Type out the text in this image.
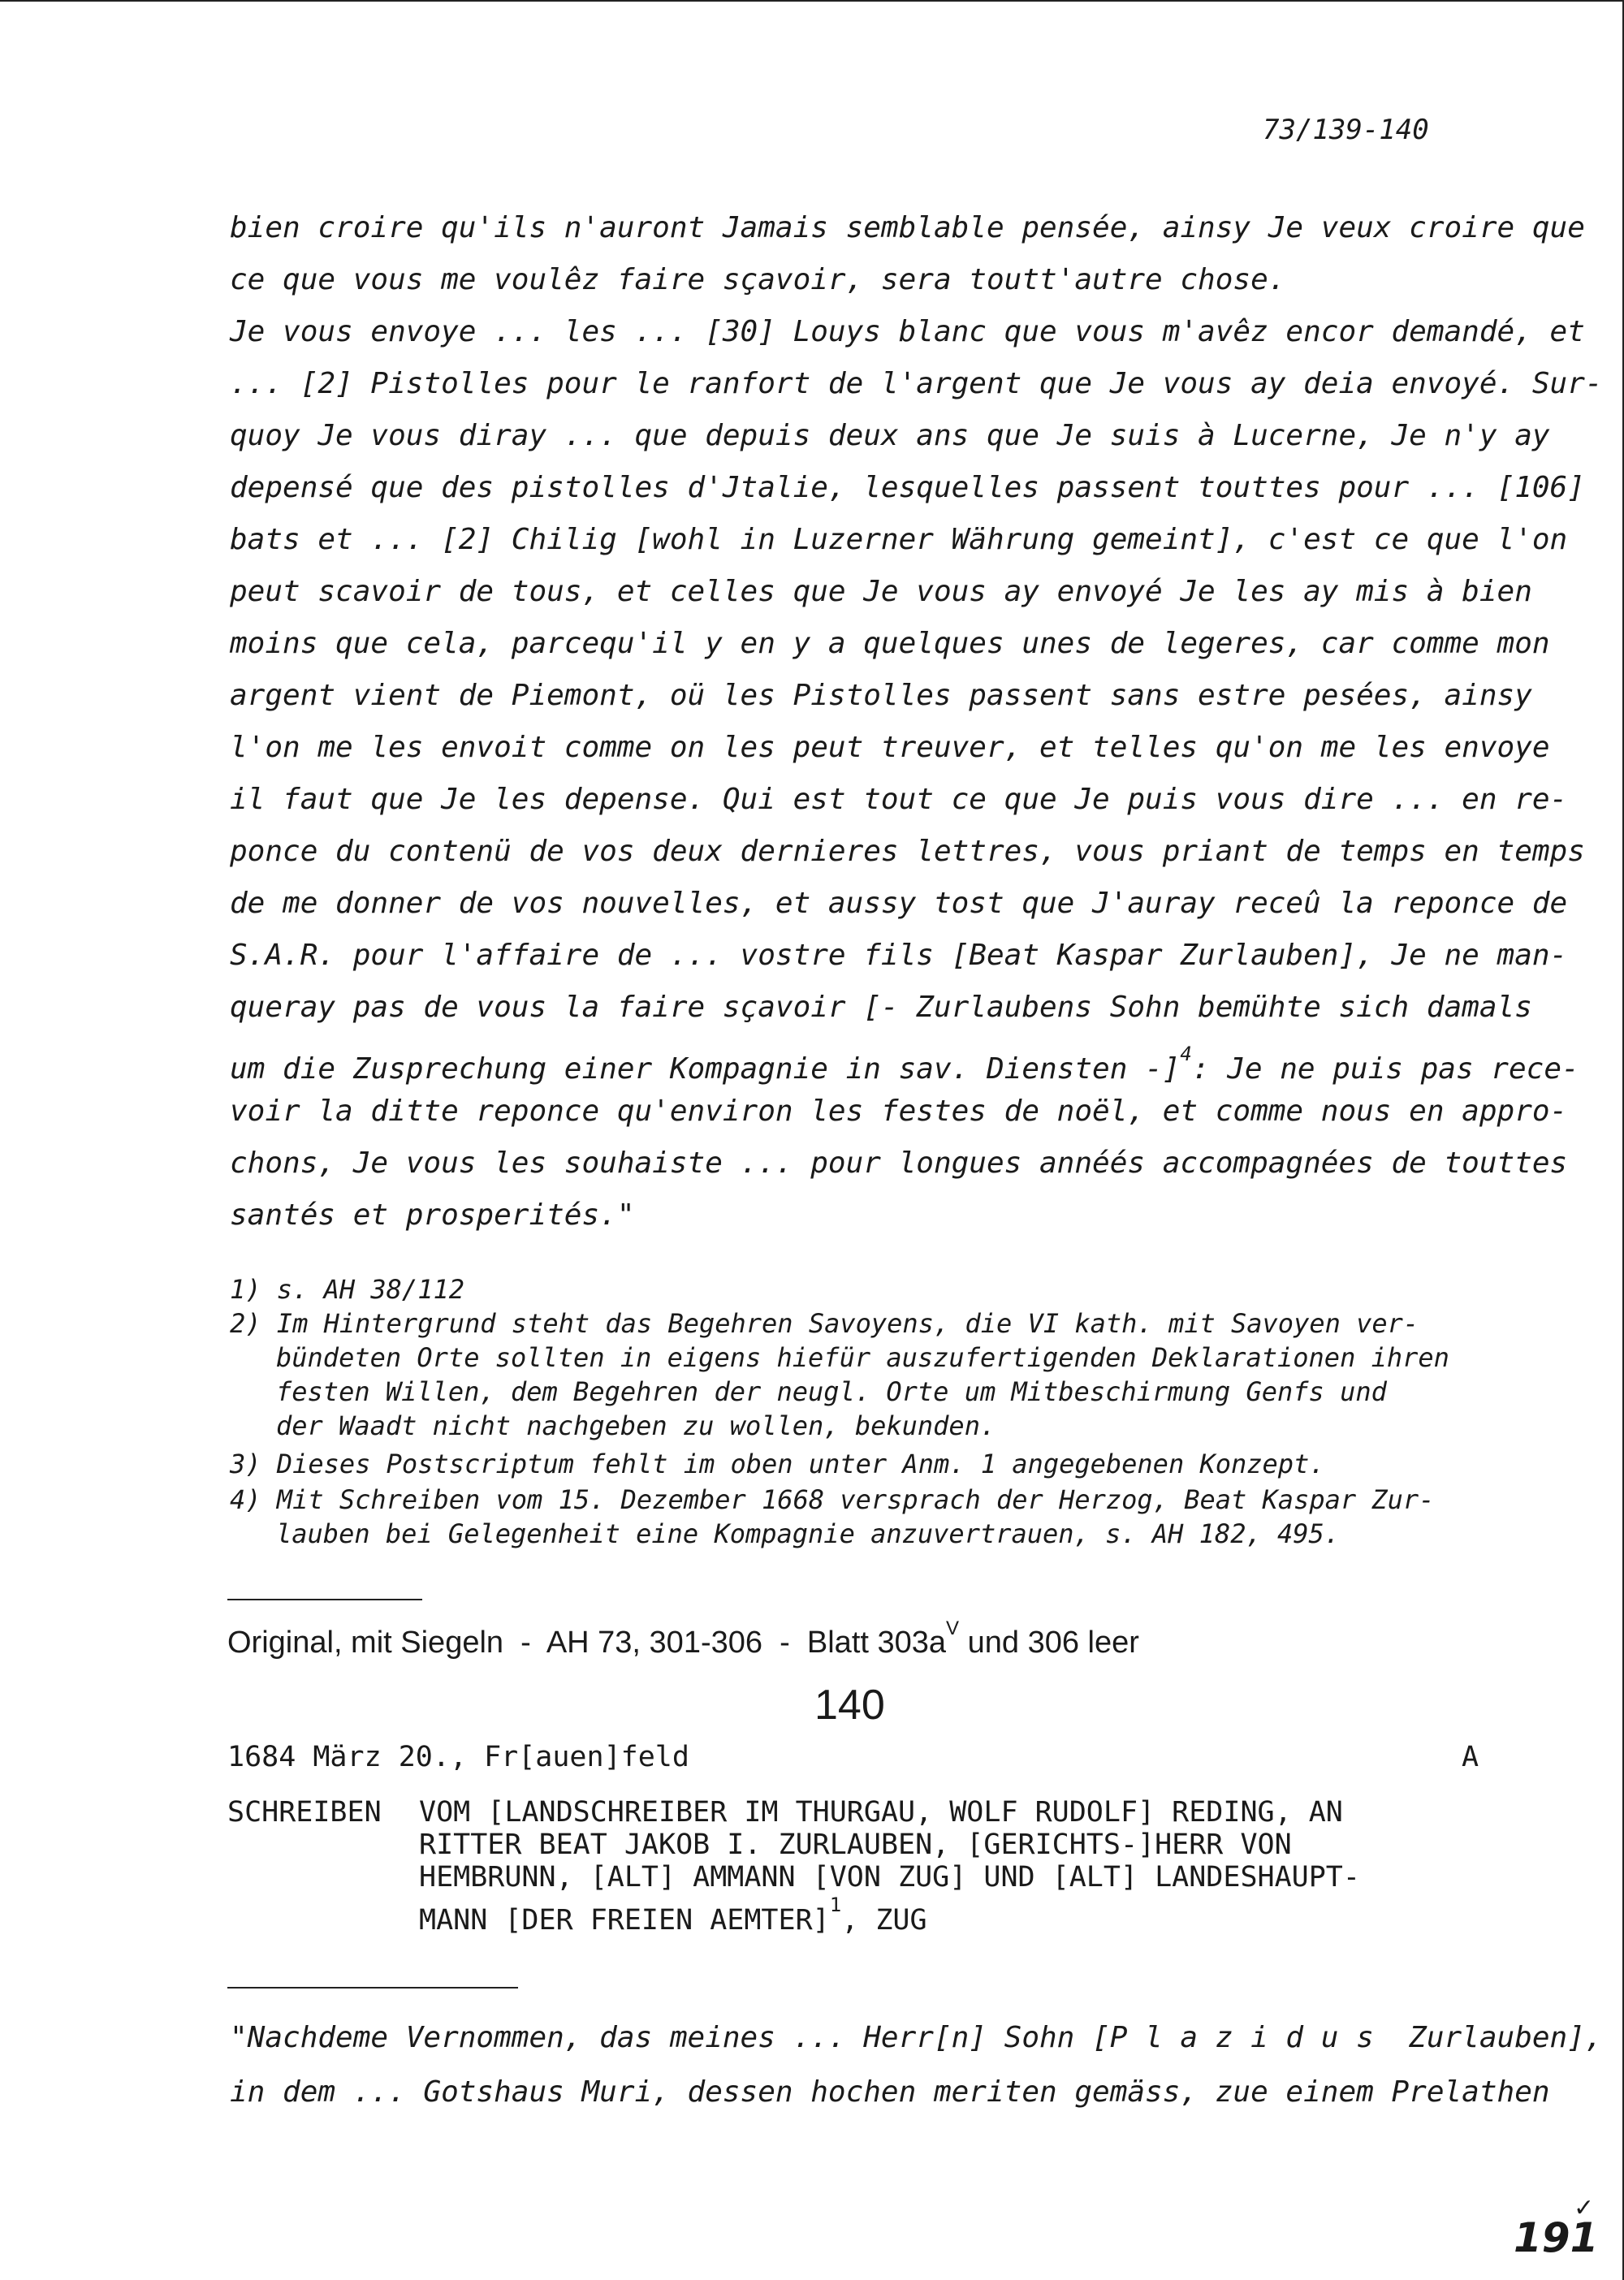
73/139-140
bien croire qu'ils n'auront Jamais semblable pensée, ainsy Je veux croire que
ce que vous me voulêz faire sçavoir, sera toutt'autre chose.
Je vous envoye ... les ... [30] Louys blanc que vous m'avêz encor demandé, et
... [2] Pistolles pour le ranfort de l'argent que Je vous ay deia envoyé. Sur-
quoy Je vous diray ... que depuis deux ans que Je suis à Lucerne, Je n'y ay
depensé que des pistolles d'Jtalie, lesquelles passent touttes pour ... [106]
bats et ... [2] Chilig [wohl in Luzerner Währung gemeint], c'est ce que l'on
peut scavoir de tous, et celles que Je vous ay envoyé Je les ay mis à bien
moins que cela, parcequ'il y en y a quelques unes de legeres, car comme mon
argent vient de Piemont, oü les Pistolles passent sans estre pesées, ainsy
l'on me les envoit comme on les peut treuver, et telles qu'on me les envoye
il faut que Je les depense. Qui est tout ce que Je puis vous dire ... en re-
ponce du contenü de vos deux dernieres lettres, vous priant de temps en temps
de me donner de vos nouvelles, et aussy tost que J'auray receû la reponce de
S.A.R. pour l'affaire de ... vostre fils [Beat Kaspar Zurlauben], Je ne man-
queray pas de vous la faire sçavoir [- Zurlaubens Sohn bemühte sich damals
um die Zusprechung einer Kompagnie in sav. Diensten -]$^4$: Je ne puis pas rece-
voir la ditte reponce qu'environ les festes de noël, et comme nous en appro-
chons, Je vous les souhaiste ... pour longues annéés accompagnées de touttes
santés et prosperités."
1) s. AH 38/112
2) Im Hintergrund steht das Begehren Savoyens, die VI kath. mit Savoyen ver-
bündeten Orte sollten in eigens hiefür auszufertigenden Deklarationen ihren
festen Willen, dem Begehren der neugl. Orte um Mitbeschirmung Genfs und
der Waadt nicht nachgeben zu wollen, bekunden.
3) Dieses Postscriptum fehlt im oben unter Anm. 1 angegebenen Konzept.
4) Mit Schreiben vom 15. Dezember 1668 versprach der Herzog, Beat Kaspar Zur-
lauben bei Gelegenheit eine Kompagnie anzuvertrauen, s. AH 182, 495.
Original, mit Siegeln  -  AH 73, 301-306  -  Blatt $303a^V$ und 306 leer
140
1684 März 20., Fr[auen]feld	A
SCHREIBEN VOM [LANDSCHREIBER IM THURGAU, WOLF RUDOLF] REDING, AN
RITTER BEAT JAKOB I. ZURLAUBEN, [GERICHTS-]HERR VON
HEMBRUNN, [ALT] AMMANN [VON ZUG] UND [ALT] LANDESHAUPT-
MANN [DER FREIEN AEMTER]$^1$, ZUG
"Nachdeme Vernommen, das meines ... Herr[n] Sohn [P l a z i d u s  Zurlauben],
in dem ... Gotshaus Muri, dessen hochen meriten gemäss, zue einem Prelathen
✓
191
